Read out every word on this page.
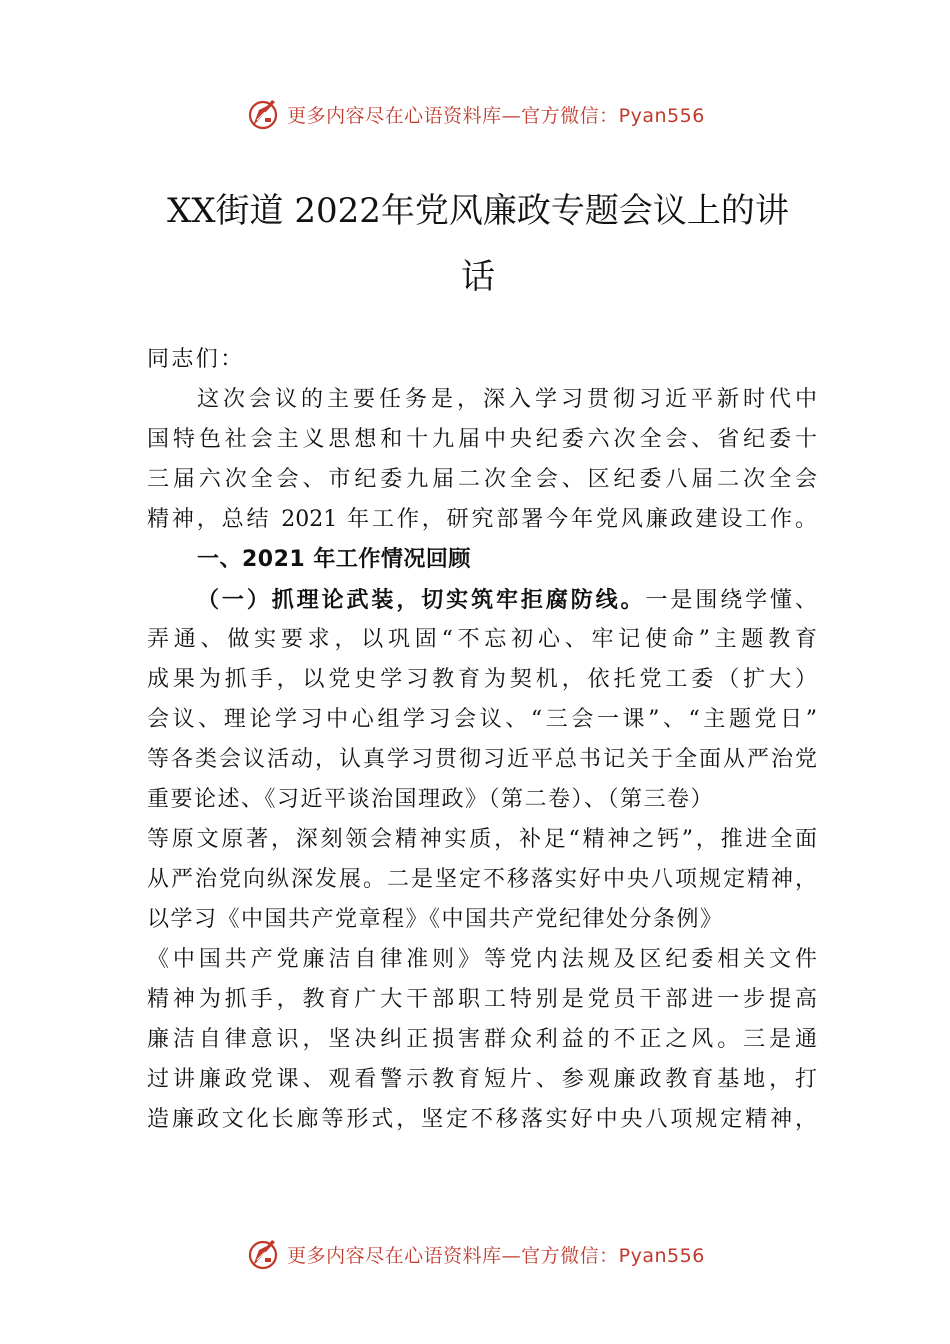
更多内容尽在心语资料库—官方微信：Pyan556
XX街道 2022年党风廉政专题会议上的讲
话
同志们：
这次会议的主要任务是，深入学习贯彻习近平新时代中
国特色社会主义思想和十九届中央纪委六次全会、省纪委十
三届六次全会、市纪委九届二次全会、区纪委八届二次全会
精神，总结 2021 年工作，研究部署今年党风廉政建设工作。
一、2021 年工作情况回顾
（一）抓理论武装，切实筑牢拒腐防线。一是围绕学懂、
弄通、做实要求，以巩固“不忘初心、牢记使命”主题教育
成果为抓手，以党史学习教育为契机，依托党工委（扩大）
会议、理论学习中心组学习会议、“三会一课”、“主题党日”
等各类会议活动，认真学习贯彻习近平总书记关于全面从严治党
重要论述、《习近平谈治国理政》（第二卷）、（第三卷）
等原文原著，深刻领会精神实质，补足“精神之钙”，推进全面
从严治党向纵深发展。二是坚定不移落实好中央八项规定精神，
以学习《中国共产党章程》《中国共产党纪律处分条例》
《中国共产党廉洁自律准则》等党内法规及区纪委相关文件
精神为抓手，教育广大干部职工特别是党员干部进一步提高
廉洁自律意识，坚决纠正损害群众利益的不正之风。三是通
过讲廉政党课、观看警示教育短片、参观廉政教育基地，打
造廉政文化长廊等形式，坚定不移落实好中央八项规定精神，
更多内容尽在心语资料库—官方微信：Pyan556
